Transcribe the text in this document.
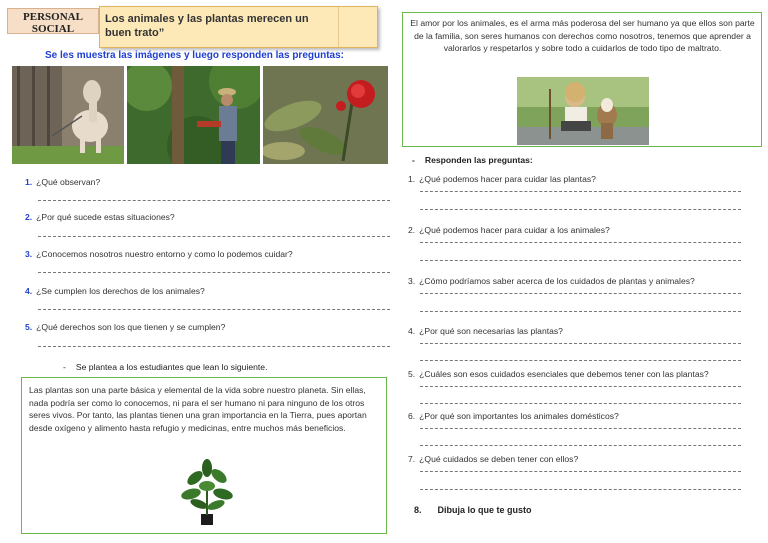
PERSONAL SOCIAL
Los animales y las plantas merecen un buen trato”
Se les muestra las imágenes y luego responden las preguntas:
1. ¿Qué observan?
2. ¿Por qué sucede estas situaciones?
3. ¿Conocemos nosotros nuestro entorno y como lo podemos cuidar?
4. ¿Se cumplen los derechos de los animales?
5. ¿Qué derechos son los que tienen y se cumplen?
- Se plantea a los estudiantes que lean lo siguiente.
Las plantas son una parte básica y elemental de la vida sobre nuestro planeta. Sin ellas, nada podría ser como lo conocemos, ni para el ser humano ni para ninguno de los otros seres vivos. Por tanto, las plantas tienen una gran importancia en la Tierra, pues aportan desde oxígeno y alimento hasta refugio y medicinas, entre muchos más beneficios.
El amor por los animales, es el arma más poderosa del ser humano ya que ellos son parte de la familia, son seres humanos con derechos como nosotros, tenemos que aprender a valorarlos y respetarlos y sobre todo a cuidarlos de todo tipo de maltrato.
- Responden las preguntas:
1. ¿Qué podemos hacer para cuidar las plantas?
2. ¿Qué podemos hacer para cuidar a los animales?
3. ¿Cómo podríamos saber acerca de los cuidados de plantas y animales?
4. ¿Por qué son necesarias las plantas?
5. ¿Cuáles son esos cuidados esenciales que debemos tener con las plantas?
6. ¿Por qué son importantes los animales domésticos?
7. ¿Qué cuidados se deben tener con ellos?
8. Dibuja lo que te gusto
